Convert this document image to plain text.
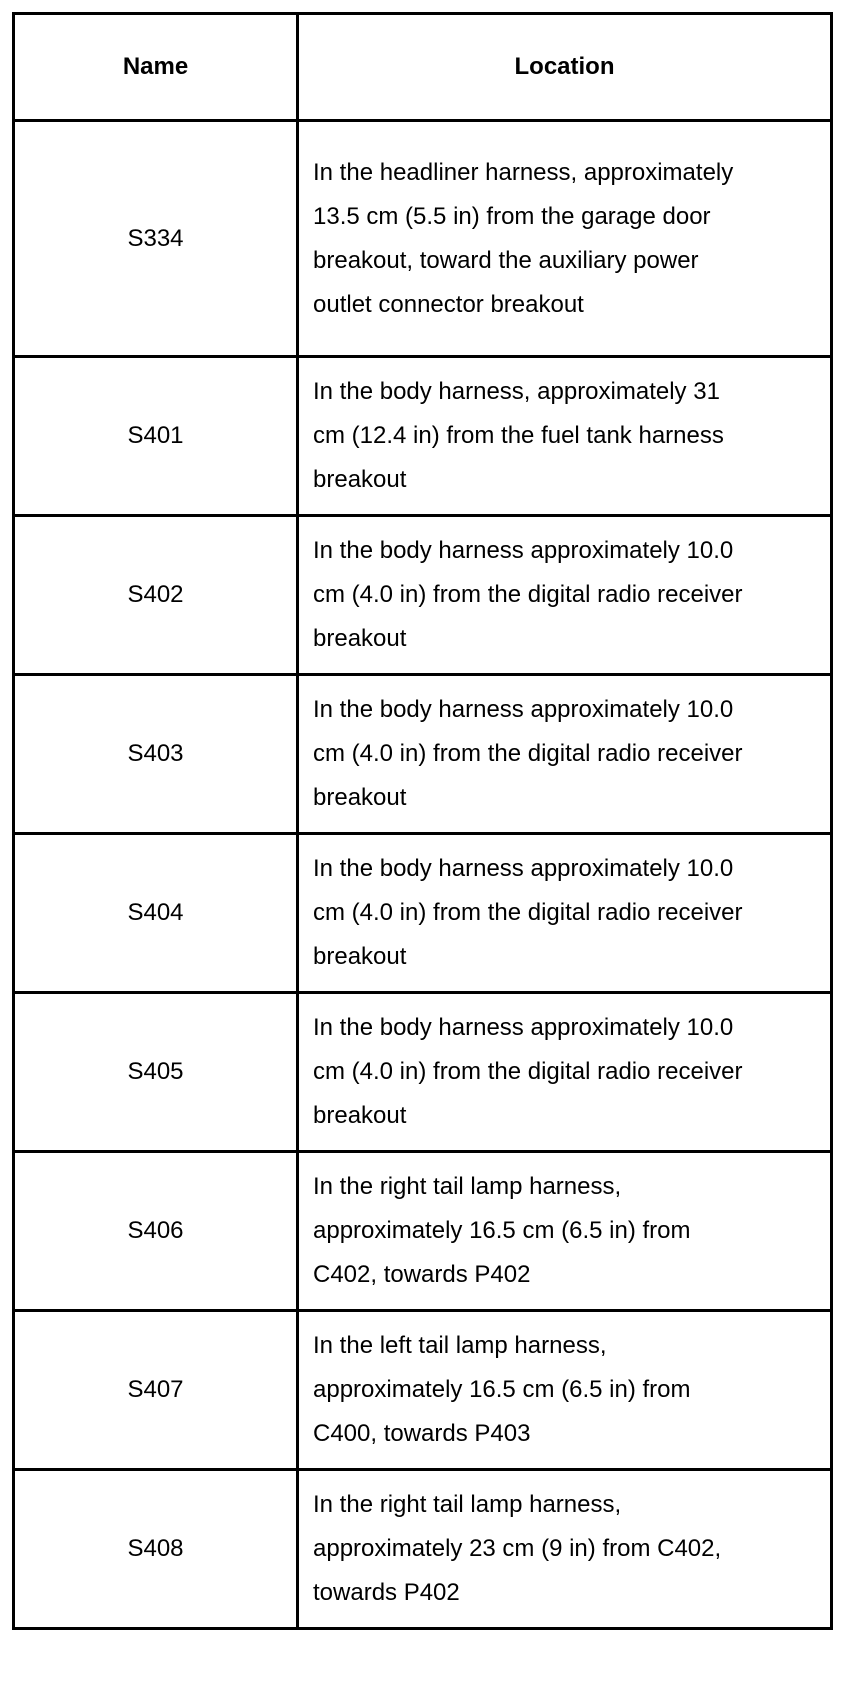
Name	Location
S334	In the headliner harness, approximately 13.5 cm (5.5 in) from the garage door breakout, toward the auxiliary power outlet connector breakout

S401	In the body harness, approximately 31 cm (12.4 in) from the fuel tank harness breakout

S402	In the body harness approximately 10.0 cm (4.0 in) from the digital radio receiver breakout

S403	In the body harness approximately 10.0 cm (4.0 in) from the digital radio receiver breakout

S404	In the body harness approximately 10.0 cm (4.0 in) from the digital radio receiver breakout

S405	In the body harness approximately 10.0 cm (4.0 in) from the digital radio receiver breakout

S406	In the right tail lamp harness, approximately 16.5 cm (6.5 in) from C402, towards P402

S407	In the left tail lamp harness, approximately 16.5 cm (6.5 in) from C400, towards P403

S408	In the right tail lamp harness, approximately 23 cm (9 in) from C402, towards P402
